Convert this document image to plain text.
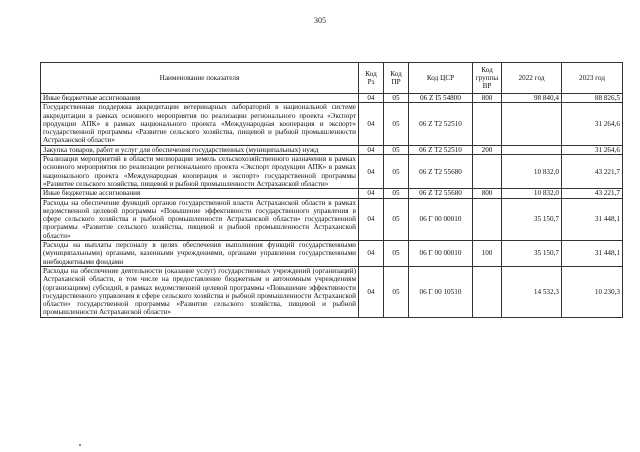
305
Наименование показателя	Код Рз	Код ПР	Код ЦСР	Код группы ВР	2022 год	2023 год
Иные бюджетные ассигнования	04	05	06 Z I5 54800	800	98 840,4	88 826,5
Государственная поддержка аккредитации ветеринарных лабораторий в национальной системе аккредитации в рамках основного мероприятия по реализации регионального проекта «Экспорт продукции АПК» в рамках национального проекта «Международная кооперация и экспорт» государственной программы «Развитие сельского хозяйства, пищевой и рыбной промышленности Астраханской области»	04	05	06 Z T2 52510			31 264,6
Закупка товаров, работ и услуг для обеспечения государственных (муниципальных) нужд	04	05	06 Z T2 52510	200		31 264,6
Реализация мероприятий в области мелиорации земель сельскохозяйственного назначения в рамках основного мероприятия по реализации регионального проекта «Экспорт продукции АПК» в рамках национального проекта «Международная кооперация и экспорт» государственной программы «Развитие сельского хозяйства, пищевой и рыбной промышленности Астраханской области»	04	05	06 Z T2 55680		10 832,0	43 221,7
Иные бюджетные ассигнования	04	05	06 Z T2 55680	800	10 832,0	43 221,7
Расходы на обеспечение функций органов государственной власти Астраханской области в рамках ведомственной целевой программы «Повышение эффективности государственного управления в сфере сельского хозяйства и рыбной промышленности Астраханской области» государственной программы «Развитие сельского хозяйства, пищевой и рыбной промышленности Астраханской области»	04	05	06 Г 00 00010		35 150,7	31 448,1
Расходы на выплаты персоналу в целях обеспечения выполнения функций государственными (муниципальными) органами, казенными учреждениями, органами управления государственными внебюджетными фондами	04	05	06 Г 00 00010	100	35 150,7	31 448,1
Расходы на обеспечение деятельности (оказание услуг) государственных учреждений (организаций) Астраханской области, в том числе на предоставление бюджетным и автономным учреждениям (организациям) субсидий, в рамках ведомственной целевой программы «Повышение эффективности государственного управления в сфере сельского хозяйства и рыбной промышленности Астраханской области» государственной программы «Развитие сельского хозяйства, пищевой и рыбной промышленности Астраханской области»	04	05	06 Г 00 10510		14 532,3	10 230,3
